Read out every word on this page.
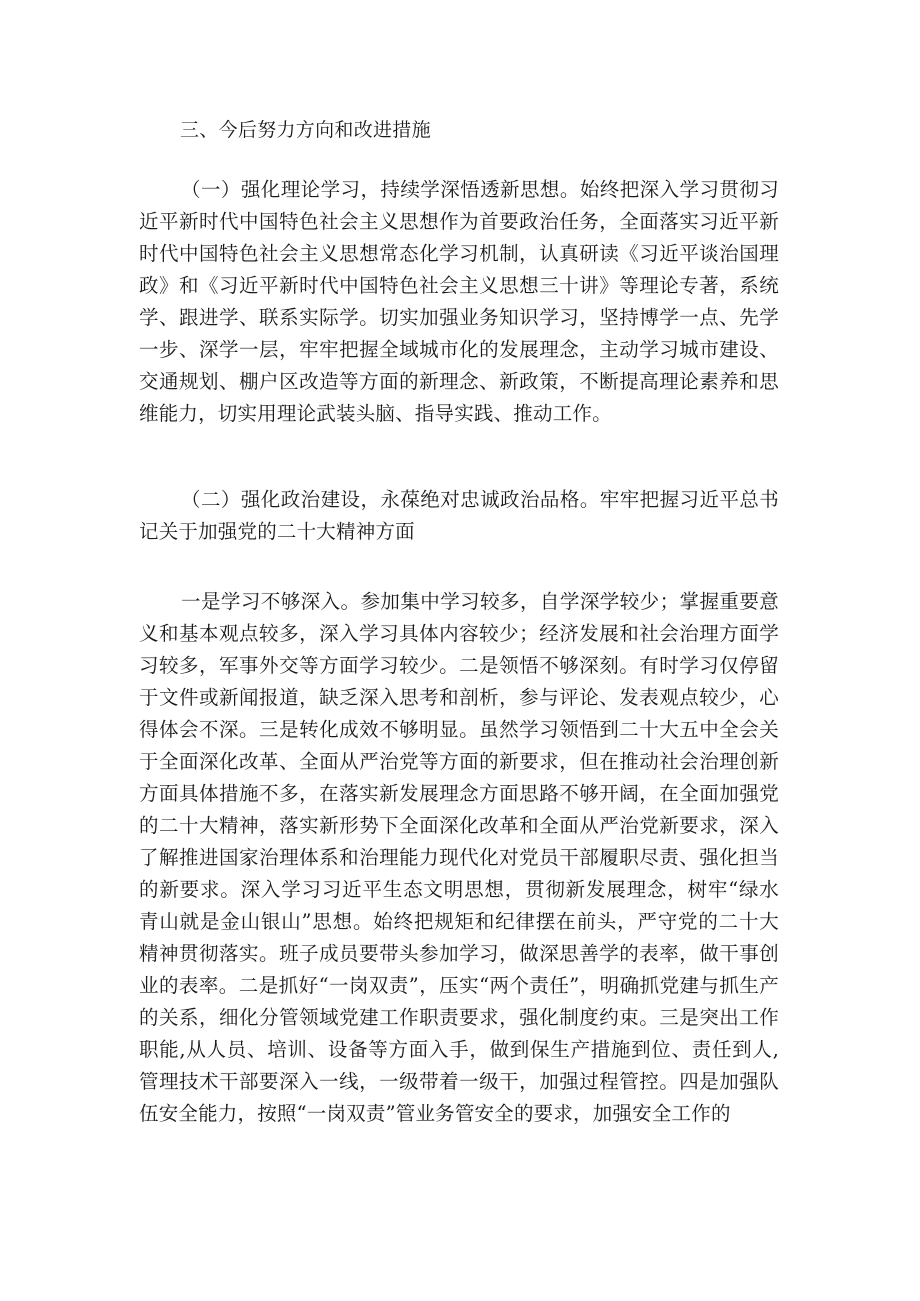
三、今后努力方向和改进措施

（一）强化理论学习，持续学深悟透新思想。始终把深入学习贯彻习近平新时代中国特色社会主义思想作为首要政治任务，全面落实习近平新时代中国特色社会主义思想常态化学习机制，认真研读《习近平谈治国理政》和《习近平新时代中国特色社会主义思想三十讲》等理论专著，系统学、跟进学、联系实际学。切实加强业务知识学习，坚持博学一点、先学一步、深学一层，牢牢把握全域城市化的发展理念，主动学习城市建设、交通规划、棚户区改造等方面的新理念、新政策，不断提高理论素养和思维能力，切实用理论武装头脑、指导实践、推动工作。

（二）强化政治建设，永葆绝对忠诚政治品格。牢牢把握习近平总书记关于加强党的二十大精神方面

一是学习不够深入。参加集中学习较多，自学深学较少；掌握重要意义和基本观点较多，深入学习具体内容较少；经济发展和社会治理方面学习较多，军事外交等方面学习较少。二是领悟不够深刻。有时学习仅停留于文件或新闻报道，缺乏深入思考和剖析，参与评论、发表观点较少，心得体会不深。三是转化成效不够明显。虽然学习领悟到二十大五中全会关于全面深化改革、全面从严治党等方面的新要求，但在推动社会治理创新方面具体措施不多，在落实新发展理念方面思路不够开阔，在全面加强党的二十大精神，落实新形势下全面深化改革和全面从严治党新要求，深入了解推进国家治理体系和治理能力现代化对党员干部履职尽责、强化担当的新要求。深入学习习近平生态文明思想，贯彻新发展理念，树牢“绿水青山就是金山银山”思想。始终把规矩和纪律摆在前头，严守党的二十大精神贯彻落实。班子成员要带头参加学习，做深思善学的表率，做干事创业的表率。二是抓好“一岗双责”，压实“两个责任”，明确抓党建与抓生产的关系，细化分管领域党建工作职责要求，强化制度约束。三是突出工作职能,从人员、培训、设备等方面入手，做到保生产措施到位、责任到人,管理技术干部要深入一线，一级带着一级干，加强过程管控。四是加强队伍安全能力，按照“一岗双责”管业务管安全的要求，加强安全工作的
